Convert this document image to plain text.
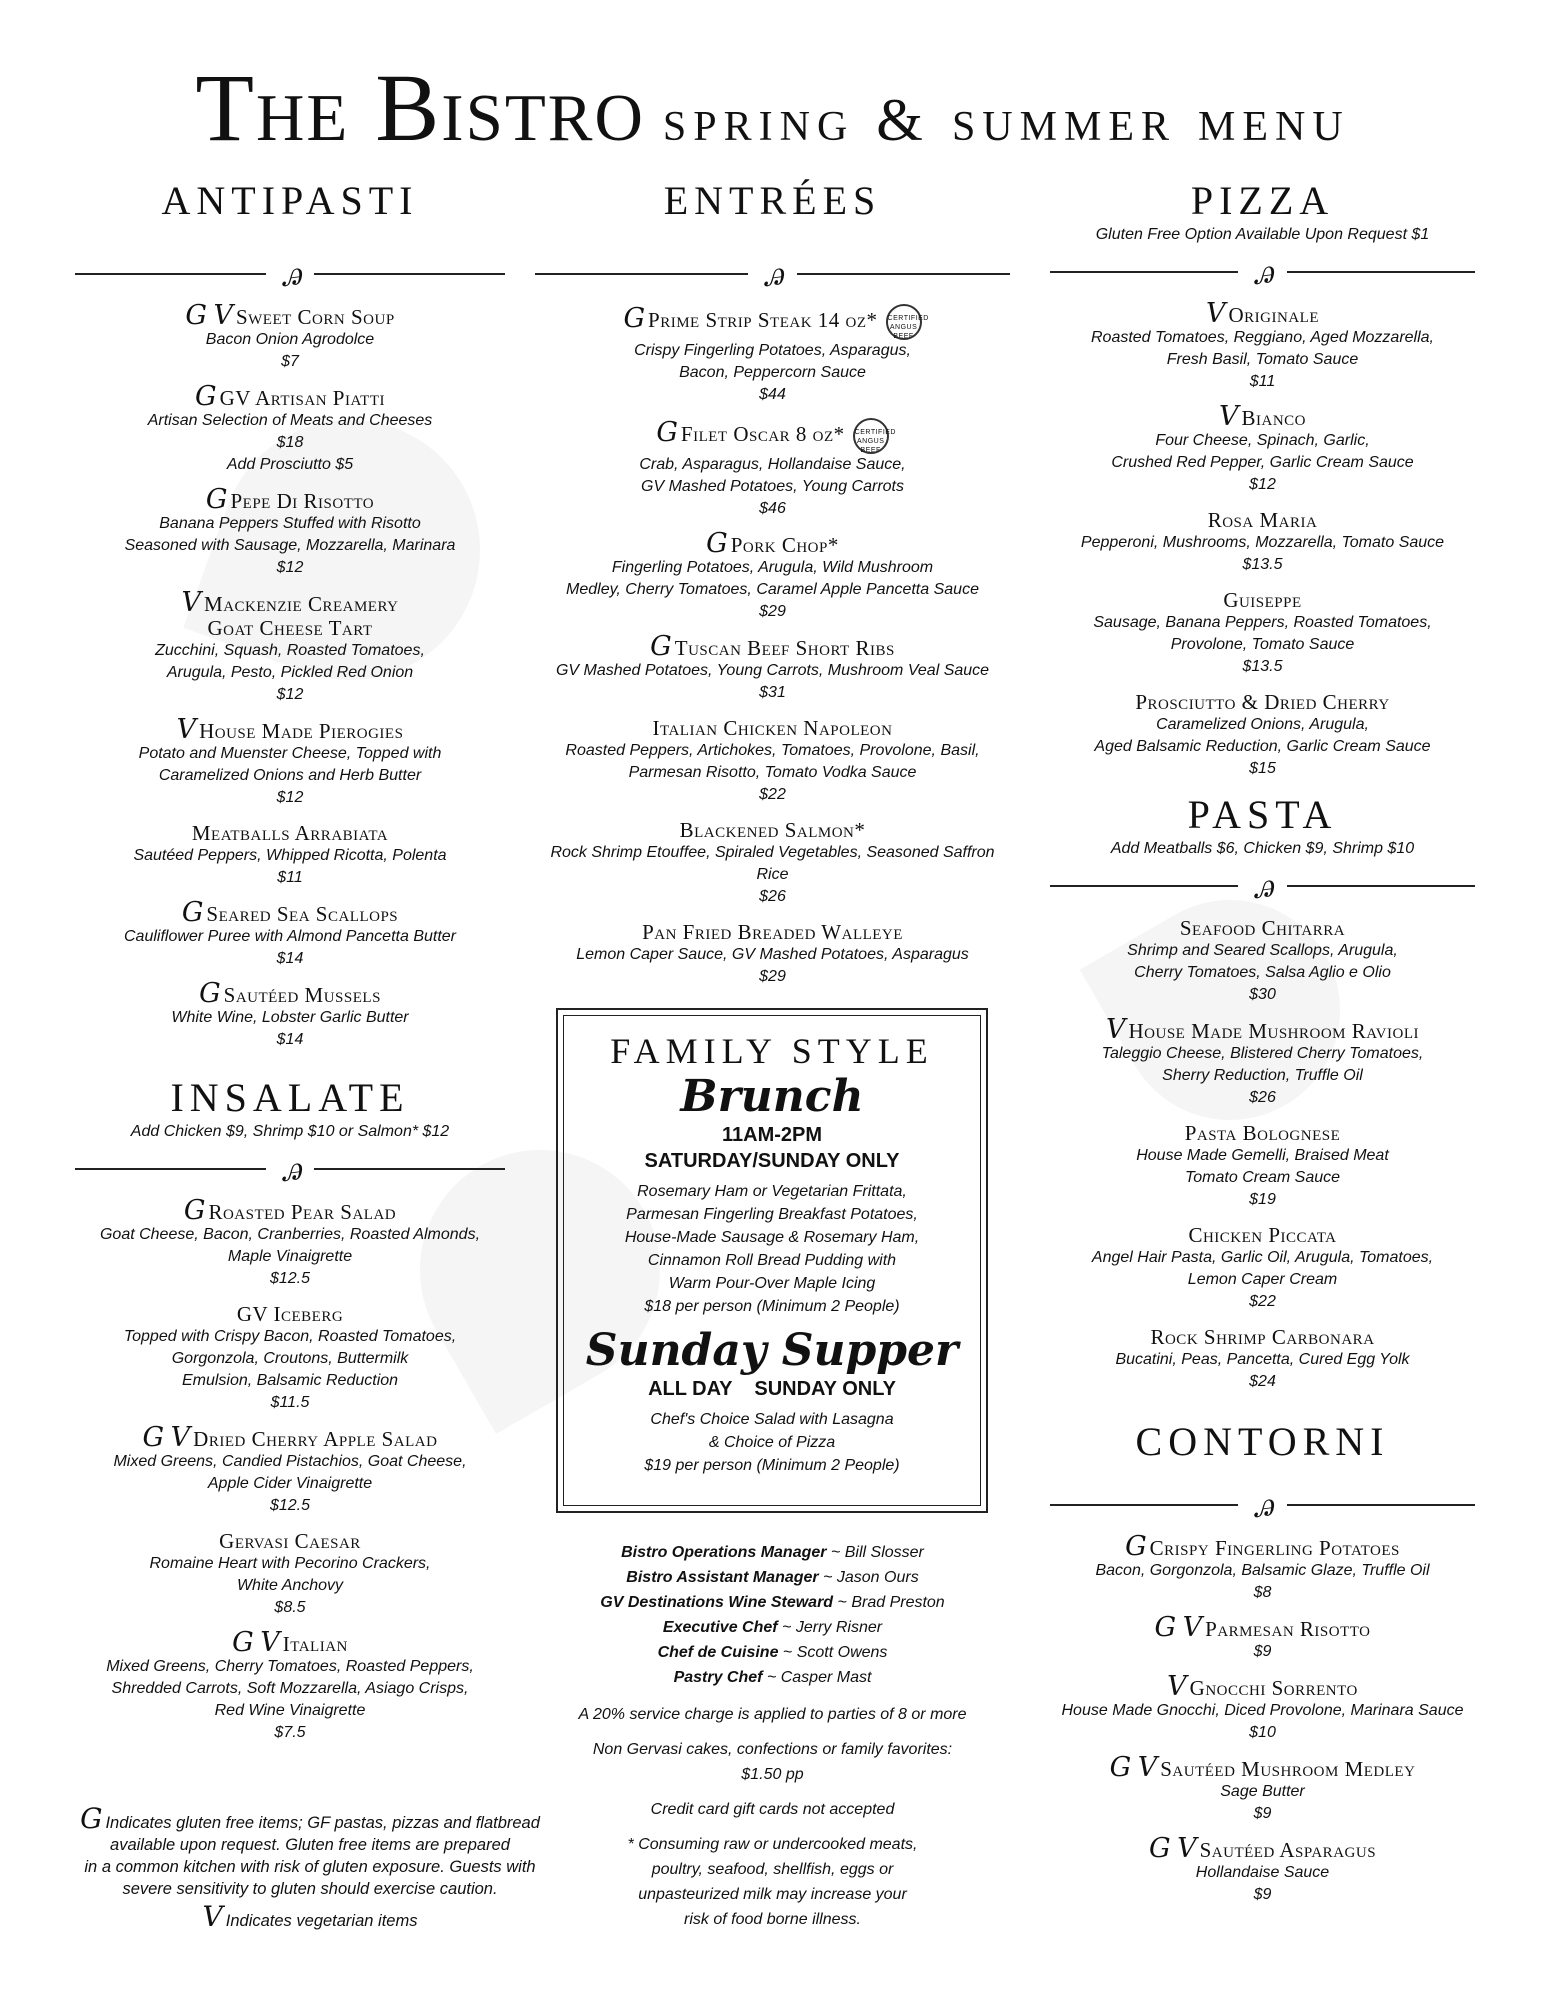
The Bistro spring & summer menu
ANTIPASTI
ꭿ
G V Sweet Corn Soup
Bacon Onion Agrodolce
$7
G GV Artisan Piatti
Artisan Selection of Meats and Cheeses
$18
Add Prosciutto $5
G Pepe Di Risotto
Banana Peppers Stuffed with Risotto
Seasoned with Sausage, Mozzarella, Marinara
$12
V Mackenzie Creamery
Goat Cheese Tart
Zucchini, Squash, Roasted Tomatoes,
Arugula, Pesto, Pickled Red Onion
$12
V House Made Pierogies
Potato and Muenster Cheese, Topped with
Caramelized Onions and Herb Butter
$12
Meatballs Arrabiata
Sautéed Peppers, Whipped Ricotta, Polenta
$11
G Seared Sea Scallops
Cauliflower Puree with Almond Pancetta Butter
$14
G Sautéed Mussels
White Wine, Lobster Garlic Butter
$14
INSALATE
Add Chicken $9, Shrimp $10 or Salmon* $12
ꭿ
G Roasted Pear Salad
Goat Cheese, Bacon, Cranberries, Roasted Almonds,
Maple Vinaigrette
$12.5
GV Iceberg
Topped with Crispy Bacon, Roasted Tomatoes,
Gorgonzola, Croutons, Buttermilk
Emulsion, Balsamic Reduction
$11.5
G V Dried Cherry Apple Salad
Mixed Greens, Candied Pistachios, Goat Cheese,
Apple Cider Vinaigrette
$12.5
Gervasi Caesar
Romaine Heart with Pecorino Crackers,
White Anchovy
$8.5
G V Italian
Mixed Greens, Cherry Tomatoes, Roasted Peppers,
Shredded Carrots, Soft Mozzarella, Asiago Crisps,
Red Wine Vinaigrette
$7.5
G Indicates gluten free items; GF pastas, pizzas and flatbread
available upon request. Gluten free items are prepared
in a common kitchen with risk of gluten exposure. Guests with
severe sensitivity to gluten should exercise caution.
V Indicates vegetarian items
ENTRÉES
ꭿ
G Prime Strip Steak 14 oz* CERTIFIED ANGUS BEEF
Crispy Fingerling Potatoes, Asparagus,
Bacon, Peppercorn Sauce
$44
G Filet Oscar 8 oz* CERTIFIED ANGUS BEEF
Crab, Asparagus, Hollandaise Sauce,
GV Mashed Potatoes, Young Carrots
$46
G Pork Chop*
Fingerling Potatoes, Arugula, Wild Mushroom
Medley, Cherry Tomatoes, Caramel Apple Pancetta Sauce
$29
G Tuscan Beef Short Ribs
GV Mashed Potatoes, Young Carrots, Mushroom Veal Sauce
$31
Italian Chicken Napoleon
Roasted Peppers, Artichokes, Tomatoes, Provolone, Basil,
Parmesan Risotto, Tomato Vodka Sauce
$22
Blackened Salmon*
Rock Shrimp Etouffee, Spiraled Vegetables, Seasoned Saffron Rice
$26
Pan Fried Breaded Walleye
Lemon Caper Sauce, GV Mashed Potatoes, Asparagus
$29
FAMILY STYLE
Brunch
11AM-2PM
SATURDAY/SUNDAY ONLY
Rosemary Ham or Vegetarian Frittata,
Parmesan Fingerling Breakfast Potatoes,
House-Made Sausage & Rosemary Ham,
Cinnamon Roll Bread Pudding with
Warm Pour-Over Maple Icing
$18 per person (Minimum 2 People)
Sunday Supper
ALL DAY    SUNDAY ONLY
Chef's Choice Salad with Lasagna
& Choice of Pizza
$19 per person (Minimum 2 People)
Bistro Operations Manager ~ Bill Slosser
Bistro Assistant Manager ~ Jason Ours
GV Destinations Wine Steward ~ Brad Preston
Executive Chef ~ Jerry Risner
Chef de Cuisine ~ Scott Owens
Pastry Chef ~ Casper Mast
A 20% service charge is applied to parties of 8 or more
Non Gervasi cakes, confections or family favorites:
$1.50 pp
Credit card gift cards not accepted
* Consuming raw or undercooked meats,
poultry, seafood, shellfish, eggs or
unpasteurized milk may increase your
risk of food borne illness.
PIZZA
Gluten Free Option Available Upon Request $1
ꭿ
V Originale
Roasted Tomatoes, Reggiano, Aged Mozzarella,
Fresh Basil, Tomato Sauce
$11
V Bianco
Four Cheese, Spinach, Garlic,
Crushed Red Pepper, Garlic Cream Sauce
$12
Rosa Maria
Pepperoni, Mushrooms, Mozzarella, Tomato Sauce
$13.5
Guiseppe
Sausage, Banana Peppers, Roasted Tomatoes,
Provolone, Tomato Sauce
$13.5
Prosciutto & Dried Cherry
Caramelized Onions, Arugula,
Aged Balsamic Reduction, Garlic Cream Sauce
$15
PASTA
Add Meatballs $6, Chicken $9, Shrimp $10
ꭿ
Seafood Chitarra
Shrimp and Seared Scallops, Arugula,
Cherry Tomatoes, Salsa Aglio e Olio
$30
V House Made Mushroom Ravioli
Taleggio Cheese, Blistered Cherry Tomatoes,
Sherry Reduction, Truffle Oil
$26
Pasta Bolognese
House Made Gemelli, Braised Meat
Tomato Cream Sauce
$19
Chicken Piccata
Angel Hair Pasta, Garlic Oil, Arugula, Tomatoes,
Lemon Caper Cream
$22
Rock Shrimp Carbonara
Bucatini, Peas, Pancetta, Cured Egg Yolk
$24
CONTORNI
ꭿ
G Crispy Fingerling Potatoes
Bacon, Gorgonzola, Balsamic Glaze, Truffle Oil
$8
G V Parmesan Risotto
$9
V Gnocchi Sorrento
House Made Gnocchi, Diced Provolone, Marinara Sauce
$10
G V Sautéed Mushroom Medley
Sage Butter
$9
G V Sautéed Asparagus
Hollandaise Sauce
$9
